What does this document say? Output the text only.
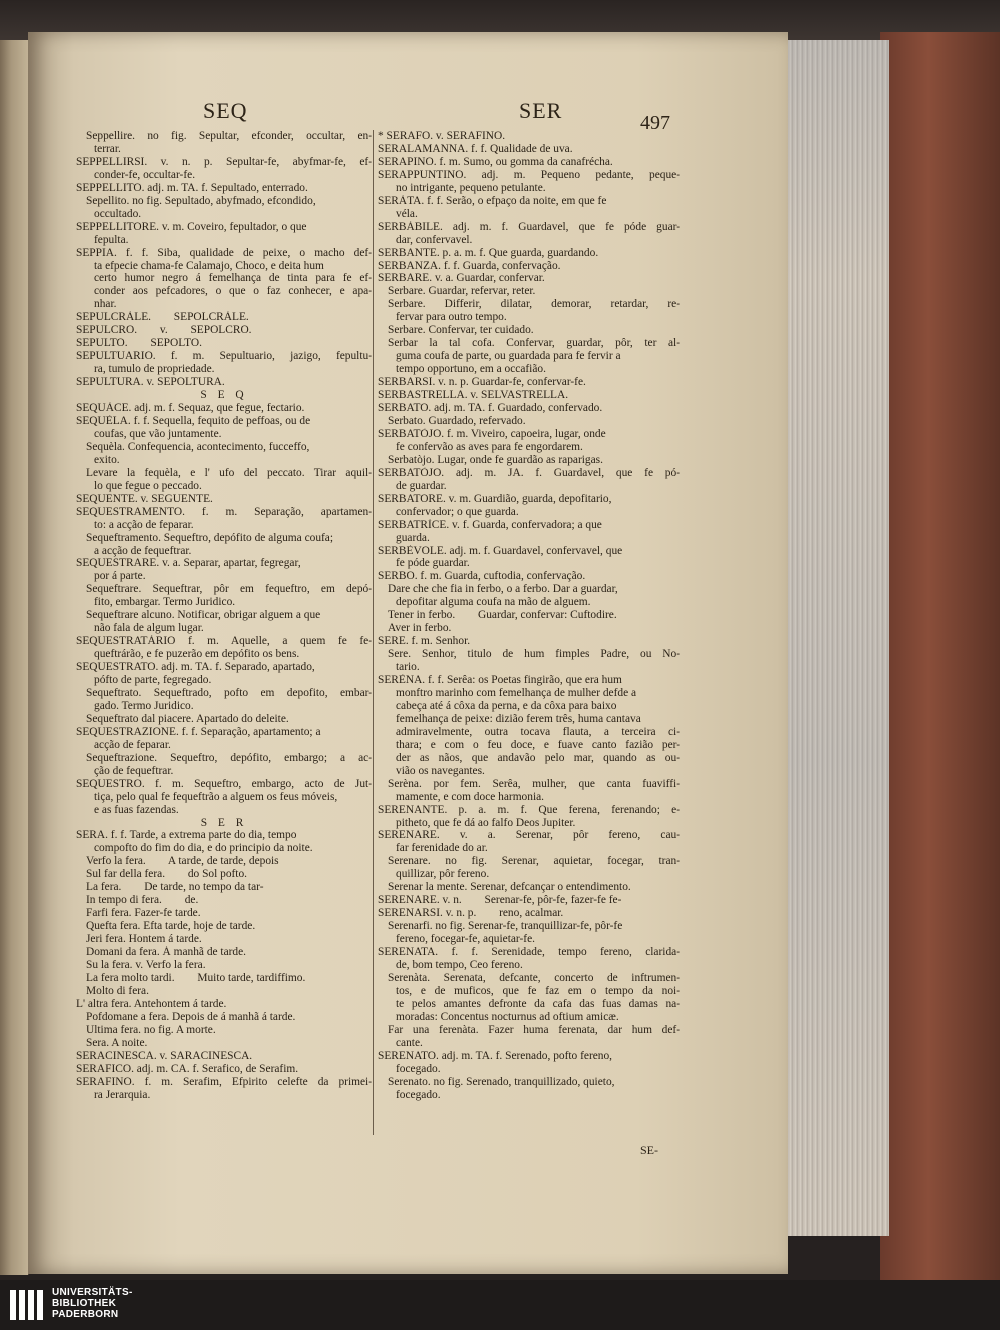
SEQ	SER	497
Seppellire. no fig. Sepultar, efconder, occultar, en-
terrar.
SEPPELLIRSI. v. n. p. Sepultar-fe, abyfmar-fe, ef-
conder-fe, occultar-fe.
SEPPELLITO. adj. m. TA. f. Sepultado, enterrado.
Sepellito. no fig. Sepultado, abyfmado, efcondido,
occultado.
SEPPELLITORE. v. m. Coveiro, fepultador, o que
fepulta.
SEPPIA. f. f. Siba, qualidade de peixe, o macho def-
ta efpecie chama-fe Calamajo, Choco, e deita hum
certo humor negro á femelhança de tinta para fe ef-
conder aos pefcadores, o que o faz conhecer, e apa-
nhar.
SEPULCRÀLE.        SEPOLCRÀLE.
SEPULCRO.        v.        SEPOLCRO.
SEPULTO.        SEPOLTO.
SEPULTUARIO. f. m. Sepultuario, jazigo, fepultu-
ra, tumulo de propriedade.
SEPULTURA. v. SEPOLTURA.
S E Q
SEQUÀCE. adj. m. f. Sequaz, que fegue, fectario.
SEQUÈLA. f. f. Sequella, fequito de peffoas, ou de
coufas, que vão juntamente.
Sequèla. Confequencia, acontecimento, fucceffo,
exito.
Levare la fequèla, e l' ufo del peccato. Tirar aquil-
lo que fegue o peccado.
SEQUENTE. v. SEGUENTE.
SEQUESTRAMENTO. f. m. Separação, apartamen-
to: a acção de feparar.
Sequeftramento. Sequeftro, depófito de alguma coufa;
a acção de fequeftrar.
SEQUESTRARE. v. a. Separar, apartar, fegregar,
por á parte.
Sequeftrare. Sequeftrar, pôr em fequeftro, em depó-
fito, embargar. Termo Juridico.
Sequeftrare alcuno. Notificar, obrigar alguem a que
não fala de algum lugar.
SEQUESTRATÀRIO f. m. Aquelle, a quem fe fe-
queftrárão, e fe puzerão em depófito os bens.
SEQUESTRATO. adj. m. TA. f. Separado, apartado,
pófto de parte, fegregado.
Sequeftrato. Sequeftrado, pofto em depofito, embar-
gado. Termo Juridico.
Sequeftrato dal piacere. Apartado do deleite.
SEQUESTRAZIONE. f. f. Separação, apartamento; a
acção de feparar.
Sequeftrazione. Sequeftro, depófito, embargo; a ac-
ção de fequeftrar.
SEQUESTRO. f. m. Sequeftro, embargo, acto de Jut-
tiça, pelo qual fe fequeftrão a alguem os feus móveis,
e as fuas fazendas.
S E R
SERA. f. f. Tarde, a extrema parte do dia, tempo
compofto do fim do dia, e do principio da noite.
Verfo la fera.        A tarde, de tarde, depois
Sul far della fera.        do Sol pofto.
La fera.        De tarde, no tempo da tar-
In tempo di fera.        de.
Farfi fera. Fazer-fe tarde.
Quefta fera. Efta tarde, hoje de tarde.
Jeri fera. Hontem á tarde.
Domani da fera. Á manhã de tarde.
Su la fera. v. Verfo la fera.
La fera molto tardi.        Muito tarde, tardiffimo.
Molto di fera.
L' altra fera. Antehontem á tarde.
Pofdomane a fera. Depois de á manhã á tarde.
Ultima fera. no fig. A morte.
Sera. A noite.
SERACINESCA. v. SARACINESCA.
SERAFICO. adj. m. CA. f. Serafico, de Serafim.
SERAFINO. f. m. Serafim, Efpirito celefte da primei-
ra Jerarquia.
* SERAFO. v. SERAFINO.
SERALAMANNA. f. f. Qualidade de uva.
SERAPINO. f. m. Sumo, ou gomma da canafrécha.
SERAPPUNTINO. adj. m. Pequeno pedante, peque-
no intrigante, pequeno petulante.
SERÀTA. f. f. Serão, o efpaço da noite, em que fe
véla.
SERBÀBILE. adj. m. f. Guardavel, que fe póde guar-
dar, confervavel.
SERBANTE. p. a. m. f. Que guarda, guardando.
SERBANZA. f. f. Guarda, confervação.
SERBARE. v. a. Guardar, confervar.
Serbare. Guardar, refervar, reter.
Serbare. Differir, dilatar, demorar, retardar, re-
fervar para outro tempo.
Serbare. Confervar, ter cuidado.
Serbar la tal cofa. Confervar, guardar, pôr, ter al-
guma coufa de parte, ou guardada para fe fervir a
tempo opportuno, em a occafião.
SERBARSI. v. n. p. Guardar-fe, confervar-fe.
SERBASTRELLA. v. SELVASTRELLA.
SERBATO. adj. m. TA. f. Guardado, confervado.
Serbato. Guardado, refervado.
SERBATÒJO. f. m. Viveiro, capoeira, lugar, onde
fe confervão as aves para fe engordarem.
Serbatòjo. Lugar, onde fe guardão as raparigas.
SERBATÒJO. adj. m. JA. f. Guardavel, que fe pó-
de guardar.
SERBATORE. v. m. Guardião, guarda, depofitario,
confervador; o que guarda.
SERBATRÌCE. v. f. Guarda, confervadora; a que
guarda.
SERBÈVOLE. adj. m. f. Guardavel, confervavel, que
fe póde guardar.
SERBO. f. m. Guarda, cuftodia, confervação.
Dare che che fia in ferbo, o a ferbo. Dar a guardar,
depofitar alguma coufa na mão de alguem.
Tener in ferbo.        Guardar, confervar: Cuftodire.
Aver in ferbo.
SERE. f. m. Senhor.
Sere. Senhor, titulo de hum fimples Padre, ou No-
tario.
SERÈNA. f. f. Serêa: os Poetas fingirão, que era hum
monftro marinho com femelhança de mulher defde a
cabeça até á côxa da perna, e da côxa para baixo
femelhança de peixe: dizião ferem três, huma cantava
admiravelmente, outra tocava flauta, a terceira ci-
thara; e com o feu doce, e fuave canto fazião per-
der as nãos, que andavão pelo mar, quando as ou-
vião os navegantes.
Serèna. por fem. Serêa, mulher, que canta fuaviffi-
mamente, e com doce harmonia.
SERENANTE. p. a. m. f. Que ferena, ferenando; e-
pitheto, que fe dá ao falfo Deos Jupiter.
SERENARE. v. a. Serenar, pôr fereno, cau-
far ferenidade do ar.
Serenare. no fig. Serenar, aquietar, focegar, tran-
quillizar, pôr fereno.
Serenar la mente. Serenar, defcançar o entendimento.
SERENARE. v. n.        Serenar-fe, pôr-fe, fazer-fe fe-
SERENARSI. v. n. p.        reno, acalmar.
Serenarfi. no fig. Serenar-fe, tranquillizar-fe, pôr-fe
fereno, focegar-fe, aquietar-fe.
SERENATA. f. f. Serenidade, tempo fereno, clarida-
de, bom tempo, Ceo fereno.
Serenàta. Serenata, defcante, concerto de inftrumen-
tos, e de muficos, que fe faz em o tempo da noi-
te pelos amantes defronte da cafa das fuas damas na-
moradas: Concentus nocturnus ad oftium amicæ.
Far una ferenàta. Fazer huma ferenata, dar hum def-
cante.
SERENATO. adj. m. TA. f. Serenado, pofto fereno,
focegado.
Serenato. no fig. Serenado, tranquillizado, quieto,
focegado.
SE-
UNIVERSITÄTS-
BIBLIOTHEK
PADERBORN
